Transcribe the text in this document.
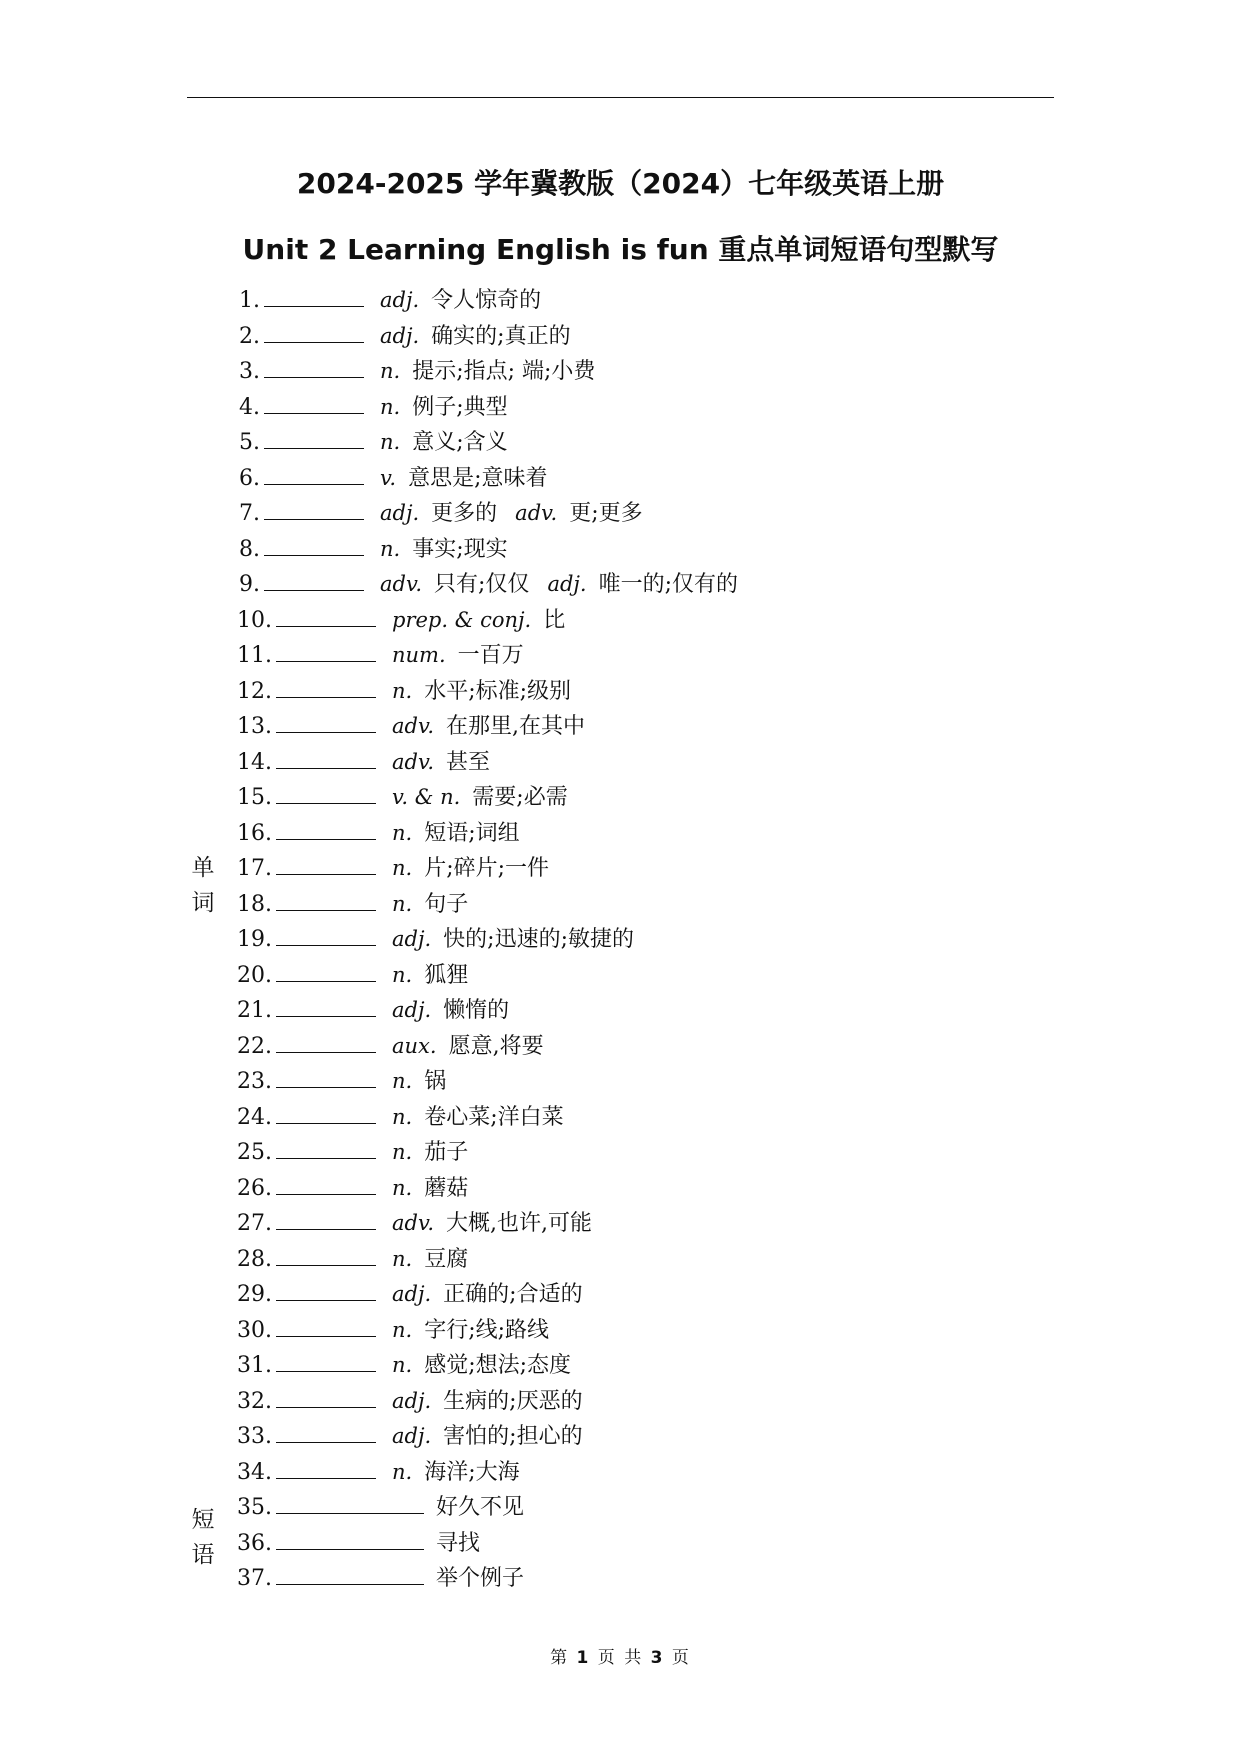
2024-2025 学年冀教版（2024）七年级英语上册
Unit 2 Learning English is fun 重点单词短语句型默写
单
词
短
语
1.	adj. 令人惊奇的
2.	adj. 确实的;真正的
3.	n. 提示;指点; 端;小费
4.	n. 例子;典型
5.	n. 意义;含义
6.	v. 意思是;意味着
7.	adj. 更多的 adv. 更;更多
8.	n. 事实;现实
9.	adv. 只有;仅仅 adj. 唯一的;仅有的
10.	prep. & conj. 比
11.	num. 一百万
12.	n. 水平;标准;级别
13.	adv. 在那里,在其中
14.	adv. 甚至
15.	v. & n. 需要;必需
16.	n. 短语;词组
17.	n. 片;碎片;一件
18.	n. 句子
19.	adj. 快的;迅速的;敏捷的
20.	n. 狐狸
21.	adj. 懒惰的
22.	aux. 愿意,将要
23.	n. 锅
24.	n. 卷心菜;洋白菜
25.	n. 茄子
26.	n. 蘑菇
27.	adv. 大概,也许,可能
28.	n. 豆腐
29.	adj. 正确的;合适的
30.	n. 字行;线;路线
31.	n. 感觉;想法;态度
32.	adj. 生病的;厌恶的
33.	adj. 害怕的;担心的
34.	n. 海洋;大海
35.	好久不见
36.	寻找
37.	举个例子
第 1 页 共 3 页
